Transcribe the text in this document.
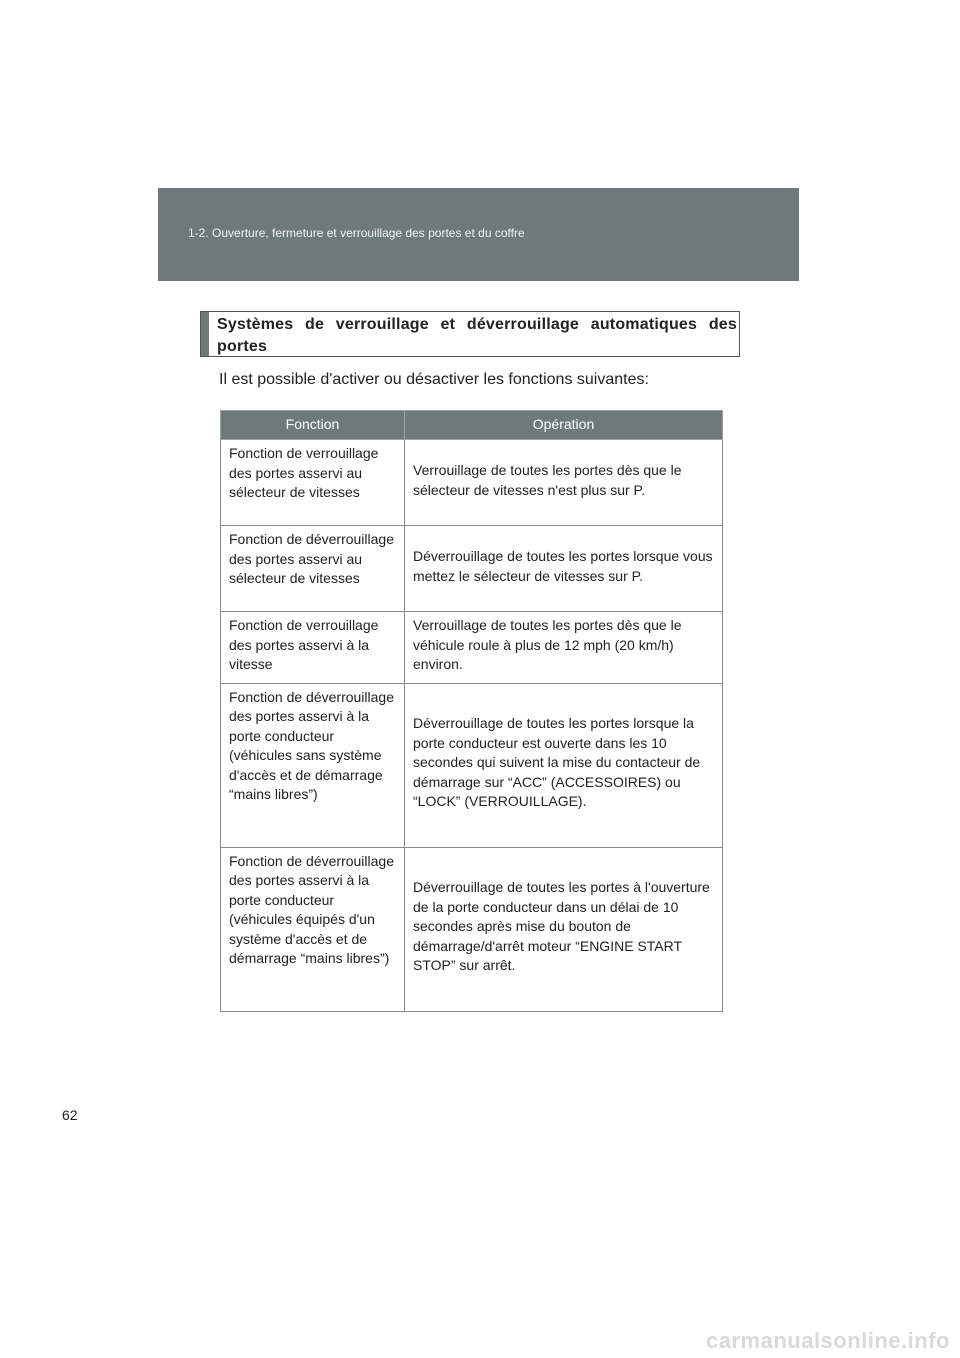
1-2. Ouverture, fermeture et verrouillage des portes et du coffre
Systèmes de verrouillage et déverrouillage automatiques des portes
Il est possible d'activer ou désactiver les fonctions suivantes:
Fonction	Opération
Fonction de verrouillage des portes asservi au sélecteur de vitesses	Verrouillage de toutes les portes dès que le sélecteur de vitesses n'est plus sur P.
Fonction de déverrouillage des portes asservi au sélecteur de vitesses	Déverrouillage de toutes les portes lorsque vous mettez le sélecteur de vitesses sur P.
Fonction de verrouillage des portes asservi à la vitesse	Verrouillage de toutes les portes dès que le véhicule roule à plus de 12 mph (20 km/h) environ.
Fonction de déverrouillage des portes asservi à la porte conducteur (véhicules sans système d'accès et de démarrage “mains libres”)	Déverrouillage de toutes les portes lorsque la porte conducteur est ouverte dans les 10 secondes qui suivent la mise du contacteur de démarrage sur “ACC” (ACCESSOIRES) ou “LOCK” (VERROUILLAGE).
Fonction de déverrouillage des portes asservi à la porte conducteur (véhicules équipés d'un système d'accès et de démarrage “mains libres”)	Déverrouillage de toutes les portes à l'ouverture de la porte conducteur dans un délai de 10 secondes après mise du bouton de démarrage/d'arrêt moteur “ENGINE START STOP” sur arrêt.
62
carmanualsonline.info
